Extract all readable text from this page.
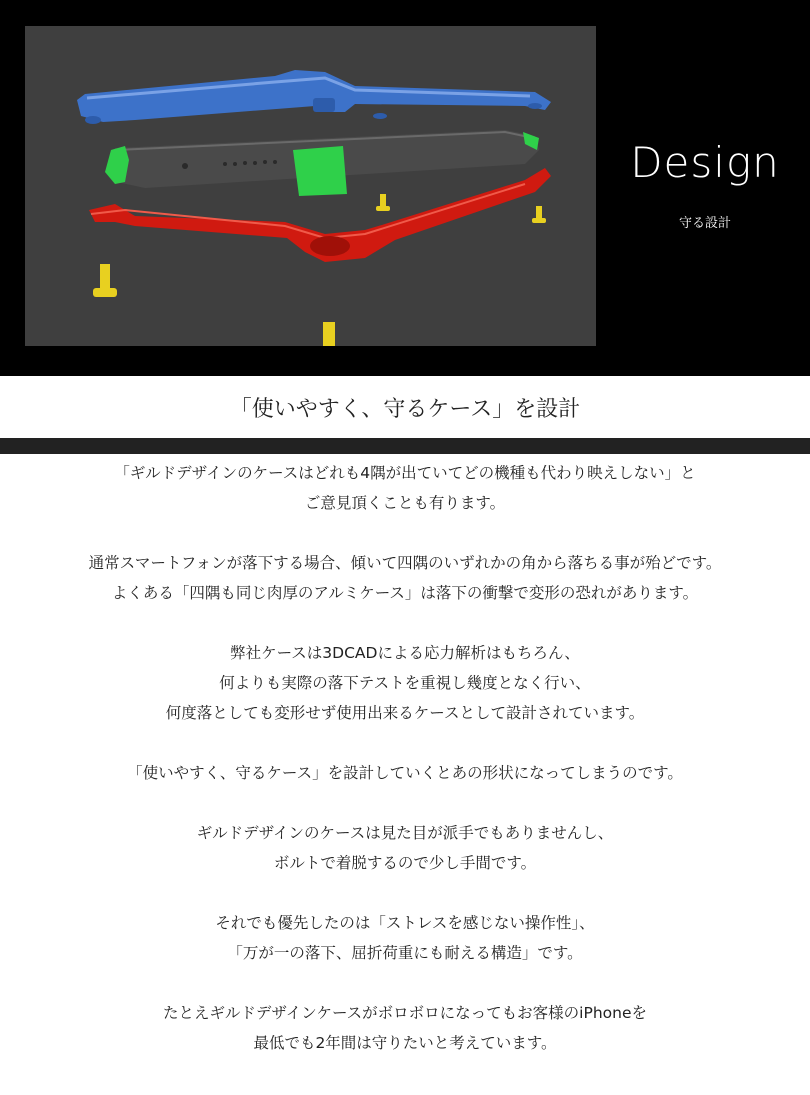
Design
守る設計
「使いやすく、守るケース」を設計

「ギルドデザインのケースはどれも4隅が出ていてどの機種も代わり映えしない」と
ご意見頂くことも有ります。

通常スマートフォンが落下する場合、傾いて四隅のいずれかの角から落ちる事が殆どです。
よくある「四隅も同じ肉厚のアルミケース」は落下の衝撃で変形の恐れがあります。

弊社ケースは3DCADによる応力解析はもちろん、
何よりも実際の落下テストを重視し幾度となく行い、
何度落としても変形せず使用出来るケースとして設計されています。

「使いやすく、守るケース」を設計していくとあの形状になってしまうのです。

ギルドデザインのケースは見た目が派手でもありませんし、
ボルトで着脱するので少し手間です。

それでも優先したのは「ストレスを感じない操作性」、
「万が一の落下、屈折荷重にも耐える構造」です。

たとえギルドデザインケースがボロボロになってもお客様のiPhoneを
最低でも2年間は守りたいと考えています。
